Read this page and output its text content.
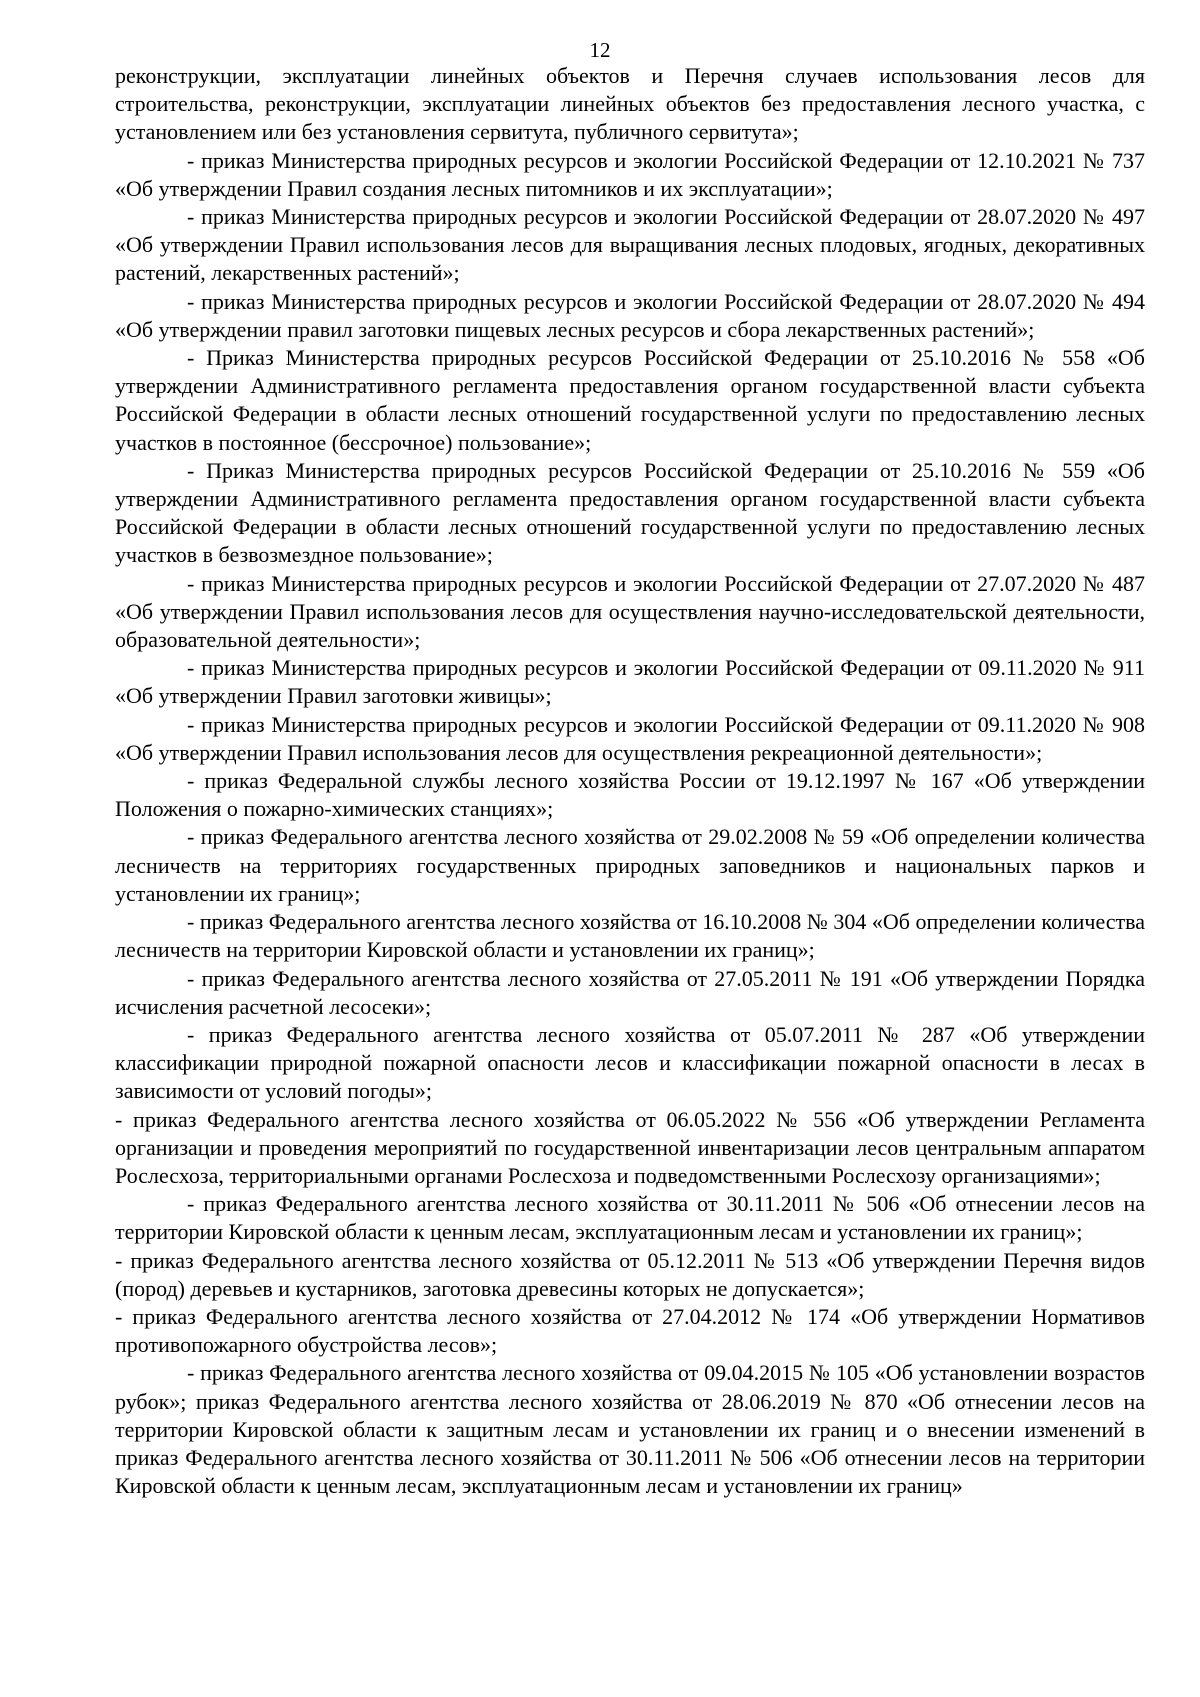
12

реконструкции, эксплуатации линейных объектов и Перечня случаев использования лесов для строительства, реконструкции, эксплуатации линейных объектов без предоставления лесного участка, с установлением или без установления сервитута, публичного сервитута»;

- приказ Министерства природных ресурсов и экологии Российской Федерации от 12.10.2021 № 737 «Об утверждении Правил создания лесных питомников и их эксплуатации»;

- приказ Министерства природных ресурсов и экологии Российской Федерации от 28.07.2020 № 497 «Об утверждении Правил использования лесов для выращивания лесных плодовых, ягодных, декоративных растений, лекарственных растений»;

- приказ Министерства природных ресурсов и экологии Российской Федерации от 28.07.2020 № 494 «Об утверждении правил заготовки пищевых лесных ресурсов и сбора лекарственных растений»;

- Приказ Министерства природных ресурсов Российской Федерации от 25.10.2016 № 558 «Об утверждении Административного регламента предоставления органом государственной власти субъекта Российской Федерации в области лесных отношений государственной услуги по предоставлению лесных участков в постоянное (бессрочное) пользование»;

- Приказ Министерства природных ресурсов Российской Федерации от 25.10.2016 № 559 «Об утверждении Административного регламента предоставления органом государственной власти субъекта Российской Федерации в области лесных отношений государственной услуги по предоставлению лесных участков в безвозмездное пользование»;

- приказ Министерства природных ресурсов и экологии Российской Федерации от 27.07.2020 № 487 «Об утверждении Правил использования лесов для осуществления научно-исследовательской деятельности, образовательной деятельности»;

- приказ Министерства природных ресурсов и экологии Российской Федерации от 09.11.2020 № 911 «Об утверждении Правил заготовки живицы»;

- приказ Министерства природных ресурсов и экологии Российской Федерации от 09.11.2020 № 908 «Об утверждении Правил использования лесов для осуществления рекреационной деятельности»;

- приказ Федеральной службы лесного хозяйства России от 19.12.1997 № 167 «Об утверждении Положения о пожарно-химических станциях»;

- приказ Федерального агентства лесного хозяйства от 29.02.2008 № 59 «Об определении количества лесничеств на территориях государственных природных заповедников и национальных парков и установлении их границ»;

- приказ Федерального агентства лесного хозяйства от 16.10.2008 № 304 «Об определении количества лесничеств на территории Кировской области и установлении их границ»;

- приказ Федерального агентства лесного хозяйства от 27.05.2011 № 191 «Об утверждении Порядка исчисления расчетной лесосеки»;

- приказ Федерального агентства лесного хозяйства от 05.07.2011 № 287 «Об утверждении классификации природной пожарной опасности лесов и классификации пожарной опасности в лесах в зависимости от условий погоды»;

- приказ Федерального агентства лесного хозяйства от 06.05.2022 № 556 «Об утверждении Регламента организации и проведения мероприятий по государственной инвентаризации лесов центральным аппаратом Рослесхоза, территориальными органами Рослесхоза и подведомственными Рослесхозу организациями»;

- приказ Федерального агентства лесного хозяйства от 30.11.2011 № 506 «Об отнесении лесов на территории Кировской области к ценным лесам, эксплуатационным лесам и установлении их границ»;

- приказ Федерального агентства лесного хозяйства от 05.12.2011 № 513 «Об утверждении Перечня видов (пород) деревьев и кустарников, заготовка древесины которых не допускается»;

- приказ Федерального агентства лесного хозяйства от 27.04.2012 № 174 «Об утверждении Нормативов противопожарного обустройства лесов»;

- приказ Федерального агентства лесного хозяйства от 09.04.2015 № 105 «Об установлении возрастов рубок»; приказ Федерального агентства лесного хозяйства от 28.06.2019 № 870 «Об отнесении лесов на территории Кировской области к защитным лесам и установлении их границ и о внесении изменений в приказ Федерального агентства лесного хозяйства от 30.11.2011 № 506 «Об отнесении лесов на территории Кировской области к ценным лесам, эксплуатационным лесам и установлении их границ»
